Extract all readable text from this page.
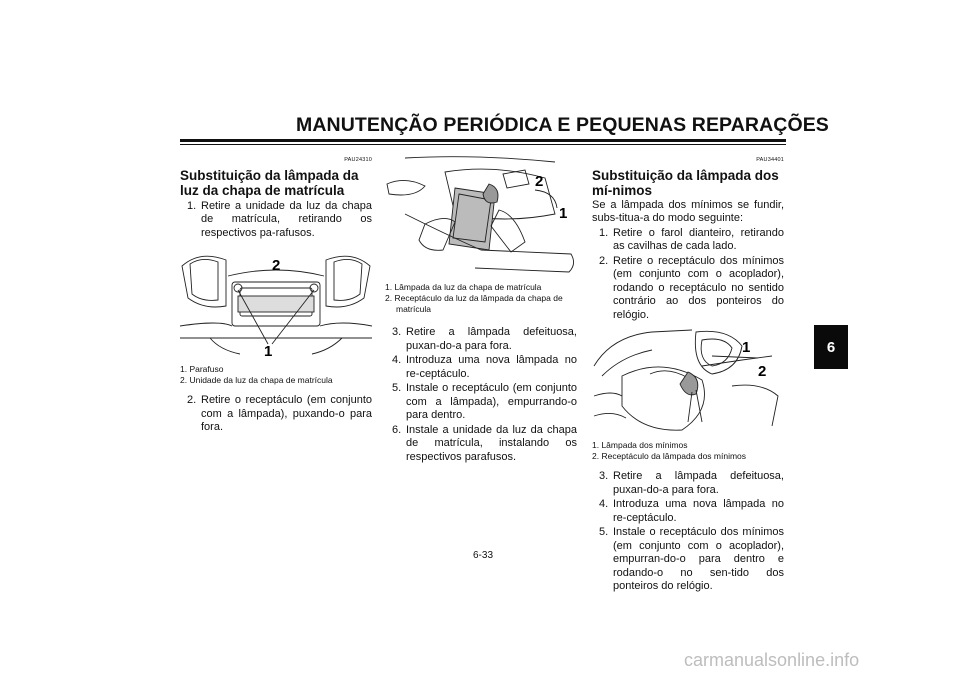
MANUTENÇÃO PERIÓDICA E PEQUENAS REPARAÇÕES
PAU24310
Substituição da lâmpada da luz da chapa de matrícula
1. Retire a unidade da luz da chapa de matrícula, retirando os respectivos pa-rafusos.
2
1
1. Parafuso
2. Unidade da luz da chapa de matrícula
2. Retire o receptáculo (em conjunto com a lâmpada), puxando-o para fora.
2
1
1. Lâmpada da luz da chapa de matrícula
2. Receptáculo da luz da lâmpada da chapa de matrícula
3. Retire a lâmpada defeituosa, puxan-do-a para fora.
4. Introduza uma nova lâmpada no re-ceptáculo.
5. Instale o receptáculo (em conjunto com a lâmpada), empurrando-o para dentro.
6. Instale a unidade da luz da chapa de matrícula, instalando os respectivos parafusos.
PAU34401
Substituição da lâmpada dos mí-nimos
Se a lâmpada dos mínimos se fundir, subs-titua-a do modo seguinte:
1. Retire o farol dianteiro, retirando as cavilhas de cada lado.
2. Retire o receptáculo dos mínimos (em conjunto com o acoplador), rodando o receptáculo no sentido contrário ao dos ponteiros do relógio.
1
2
1. Lâmpada dos mínimos
2. Receptáculo da lâmpada dos mínimos
3. Retire a lâmpada defeituosa, puxan-do-a para fora.
4. Introduza uma nova lâmpada no re-ceptáculo.
5. Instale o receptáculo dos mínimos (em conjunto com o acoplador), empurran-do-o para dentro e rodando-o no sen-tido dos ponteiros do relógio.
6
6-33
carmanualsonline.info
